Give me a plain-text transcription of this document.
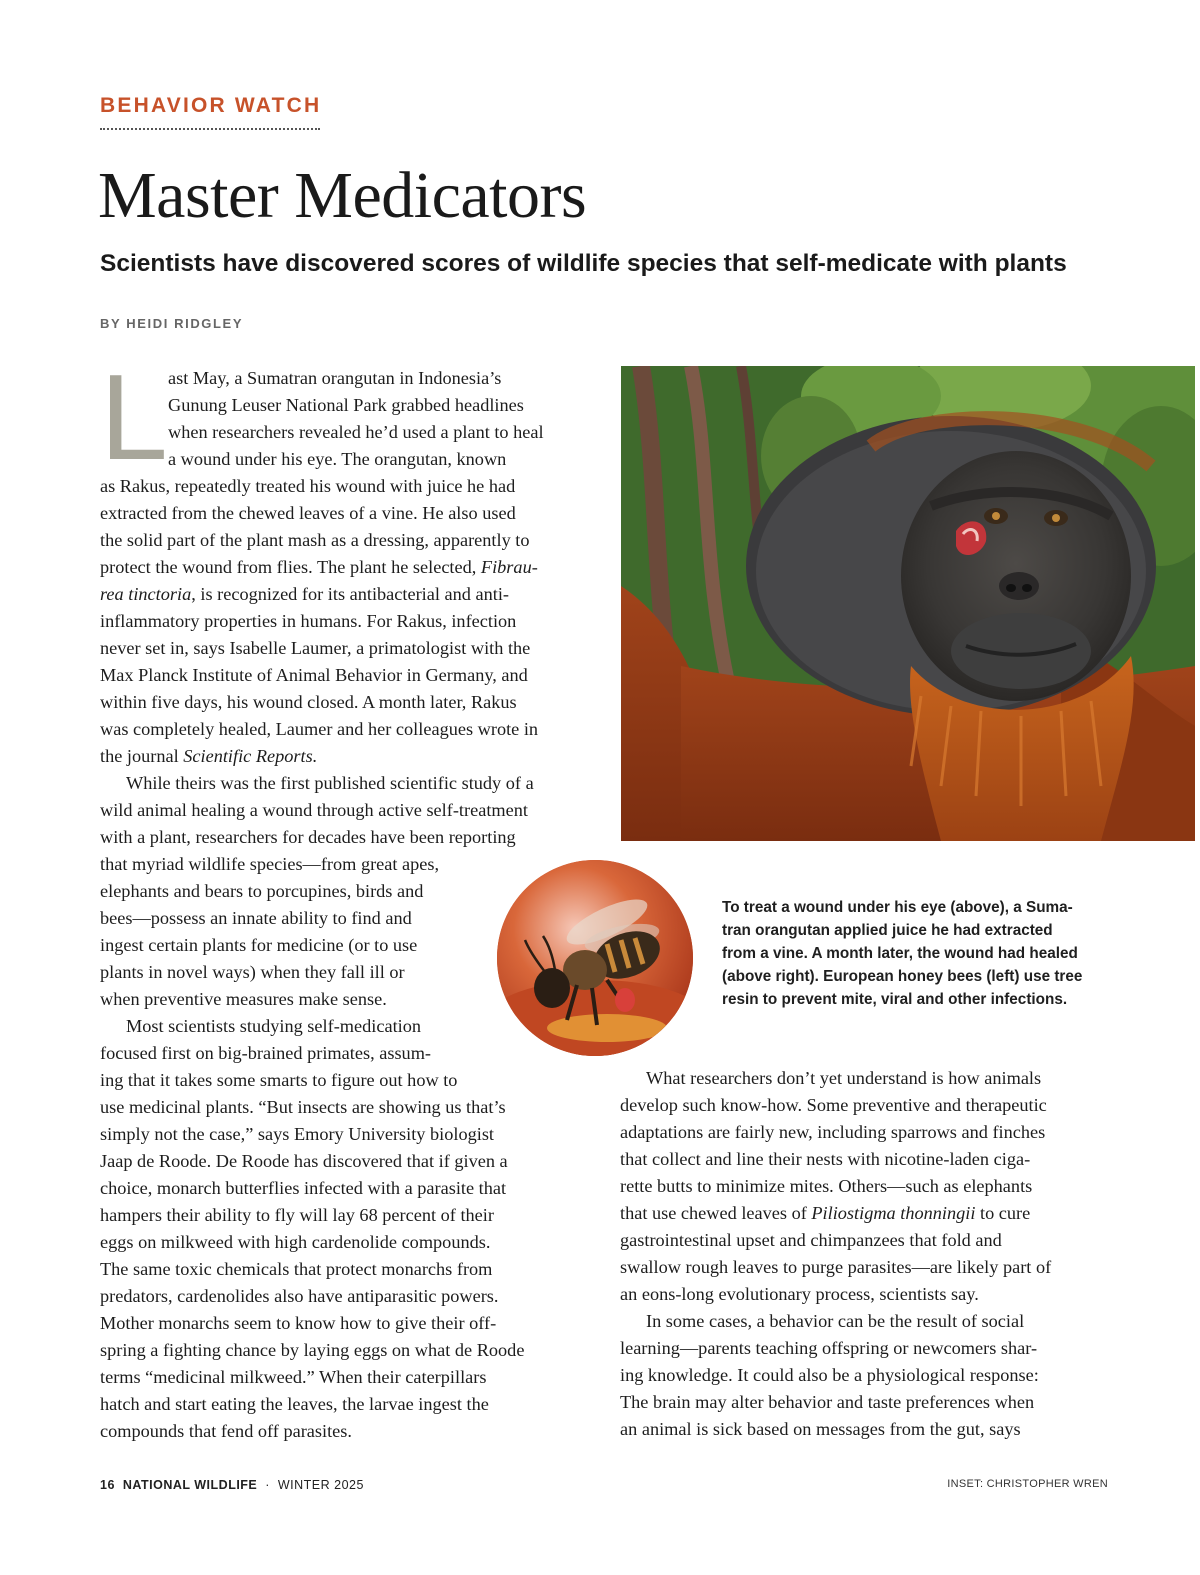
BEHAVIOR WATCH
Master Medicators
Scientists have discovered scores of wildlife species that self-medicate with plants
BY HEIDI RIDGLEY
L ast May, a Sumatran orangutan in Indonesia’s
Gunung Leuser National Park grabbed headlines
when researchers revealed he’d used a plant to heal
a wound under his eye. The orangutan, known
as Rakus, repeatedly treated his wound with juice he had
extracted from the chewed leaves of a vine. He also used
the solid part of the plant mash as a dressing, apparently to
protect the wound from flies. The plant he selected, Fibrau-
rea tinctoria, is recognized for its antibacterial and anti-
inflammatory properties in humans. For Rakus, infection
never set in, says Isabelle Laumer, a primatologist with the
Max Planck Institute of Animal Behavior in Germany, and
within five days, his wound closed. A month later, Rakus
was completely healed, Laumer and her colleagues wrote in
the journal Scientific Reports.
While theirs was the first published scientific study of a
wild animal healing a wound through active self-treatment
with a plant, researchers for decades have been reporting
that myriad wildlife species—from great apes,
elephants and bears to porcupines, birds and
bees—possess an innate ability to find and
ingest certain plants for medicine (or to use
plants in novel ways) when they fall ill or
when preventive measures make sense.
Most scientists studying self-medication
focused first on big-brained primates, assum-
ing that it takes some smarts to figure out how to
use medicinal plants. “But insects are showing us that’s
simply not the case,” says Emory University biologist
Jaap de Roode. De Roode has discovered that if given a
choice, monarch butterflies infected with a parasite that
hampers their ability to fly will lay 68 percent of their
eggs on milkweed with high cardenolide compounds.
The same toxic chemicals that protect monarchs from
predators, cardenolides also have antiparasitic powers.
Mother monarchs seem to know how to give their off-
spring a fighting chance by laying eggs on what de Roode
terms “medicinal milkweed.” When their caterpillars
hatch and start eating the leaves, the larvae ingest the
compounds that fend off parasites.
To treat a wound under his eye (above), a Suma-
tran orangutan applied juice he had extracted
from a vine. A month later, the wound had healed
(above right). European honey bees (left) use tree
resin to prevent mite, viral and other infections.
What researchers don’t yet understand is how animals
develop such know-how. Some preventive and therapeutic
adaptations are fairly new, including sparrows and finches
that collect and line their nests with nicotine-laden ciga-
rette butts to minimize mites. Others—such as elephants
that use chewed leaves of Piliostigma thonningii to cure
gastrointestinal upset and chimpanzees that fold and
swallow rough leaves to purge parasites—are likely part of
an eons-long evolutionary process, scientists say.
In some cases, a behavior can be the result of social
learning—parents teaching offspring or newcomers shar-
ing knowledge. It could also be a physiological response:
The brain may alter behavior and taste preferences when
an animal is sick based on messages from the gut, says
16 NATIONAL WILDLIFE · WINTER 2025	INSET: CHRISTOPHER WREN
